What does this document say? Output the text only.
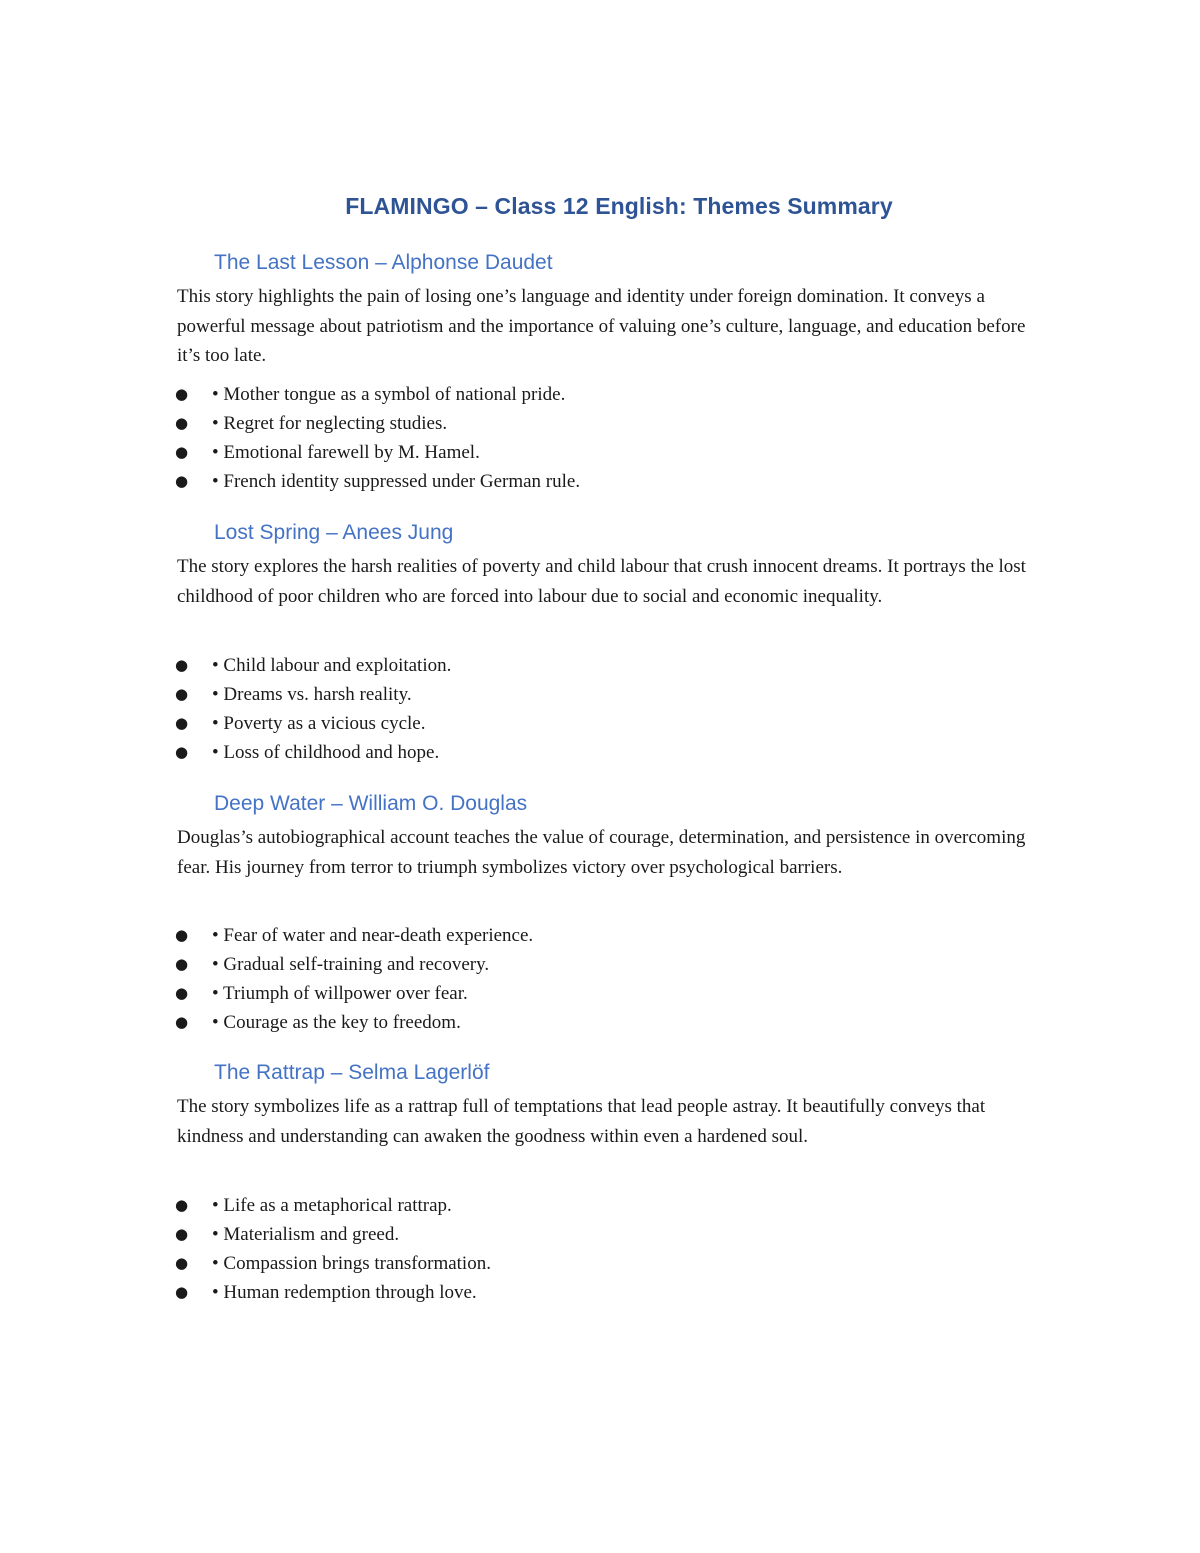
FLAMINGO – Class 12 English: Themes Summary
The Last Lesson – Alphonse Daudet

This story highlights the pain of losing one’s language and identity under foreign domination. It conveys a powerful message about patriotism and the importance of valuing one’s culture, language, and education before it’s too late.

● • Mother tongue as a symbol of national pride.
● • Regret for neglecting studies.
● • Emotional farewell by M. Hamel.
● • French identity suppressed under German rule.
Lost Spring – Anees Jung

The story explores the harsh realities of poverty and child labour that crush innocent dreams. It portrays the lost childhood of poor children who are forced into labour due to social and economic inequality.

● • Child labour and exploitation.
● • Dreams vs. harsh reality.
● • Poverty as a vicious cycle.
● • Loss of childhood and hope.
Deep Water – William O. Douglas

Douglas’s autobiographical account teaches the value of courage, determination, and persistence in overcoming fear. His journey from terror to triumph symbolizes victory over psychological barriers.

● • Fear of water and near-death experience.
● • Gradual self-training and recovery.
● • Triumph of willpower over fear.
● • Courage as the key to freedom.
The Rattrap – Selma Lagerlöf

The story symbolizes life as a rattrap full of temptations that lead people astray. It beautifully conveys that kindness and understanding can awaken the goodness within even a hardened soul.

● • Life as a metaphorical rattrap.
● • Materialism and greed.
● • Compassion brings transformation.
● • Human redemption through love.
